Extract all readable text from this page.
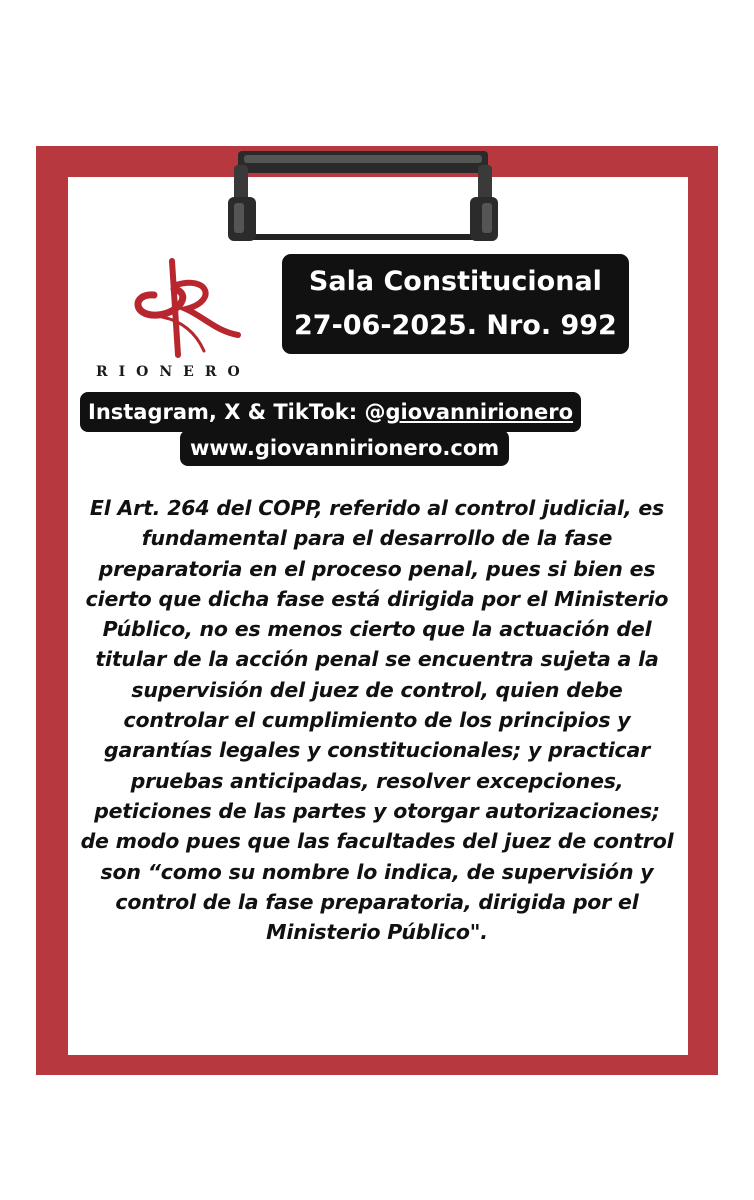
RIONERO
Sala Constitucional
27-06-2025. Nro. 992
Instagram, X & TikTok: @giovannirionero
www.giovannirionero.com
El Art. 264 del COPP, referido al control judicial, es fundamental para el desarrollo de la fase preparatoria en el proceso penal, pues si bien es cierto que dicha fase está dirigida por el Ministerio Público, no es menos cierto que la actuación del titular de la acción penal se encuentra sujeta a la supervisión del juez de control, quien debe controlar el cumplimiento de los principios y garantías legales y constitucionales; y practicar pruebas anticipadas, resolver excepciones, peticiones de las partes y otorgar autorizaciones; de modo pues que las facultades del juez de control son “como su nombre lo indica, de supervisión y control de la fase preparatoria, dirigida por el Ministerio Público".
